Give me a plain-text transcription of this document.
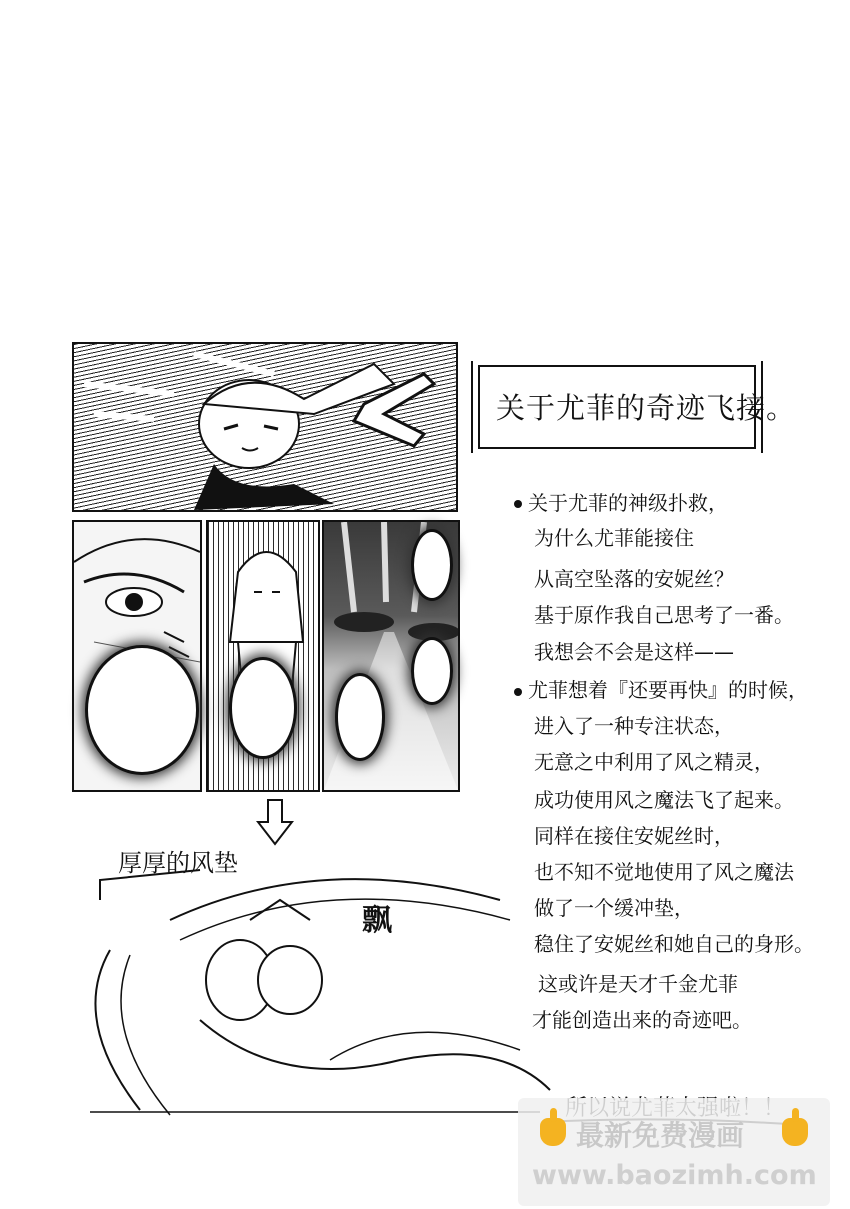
关于尤菲的奇迹飞接。
关于尤菲的神级扑救，
为什么尤菲能接住
从高空坠落的安妮丝？
基于原作我自己思考了一番。
我想会不会是这样——
尤菲想着『还要再快』的时候，
进入了一种专注状态，
无意之中利用了风之精灵，
成功使用风之魔法飞了起来。
同样在接住安妮丝时，
也不知不觉地使用了风之魔法
做了一个缓冲垫，
稳住了安妮丝和她自己的身形。
这或许是天才千金尤菲
才能创造出来的奇迹吧。
厚厚的风垫
飘
最新免费漫画
www.baozimh.com
